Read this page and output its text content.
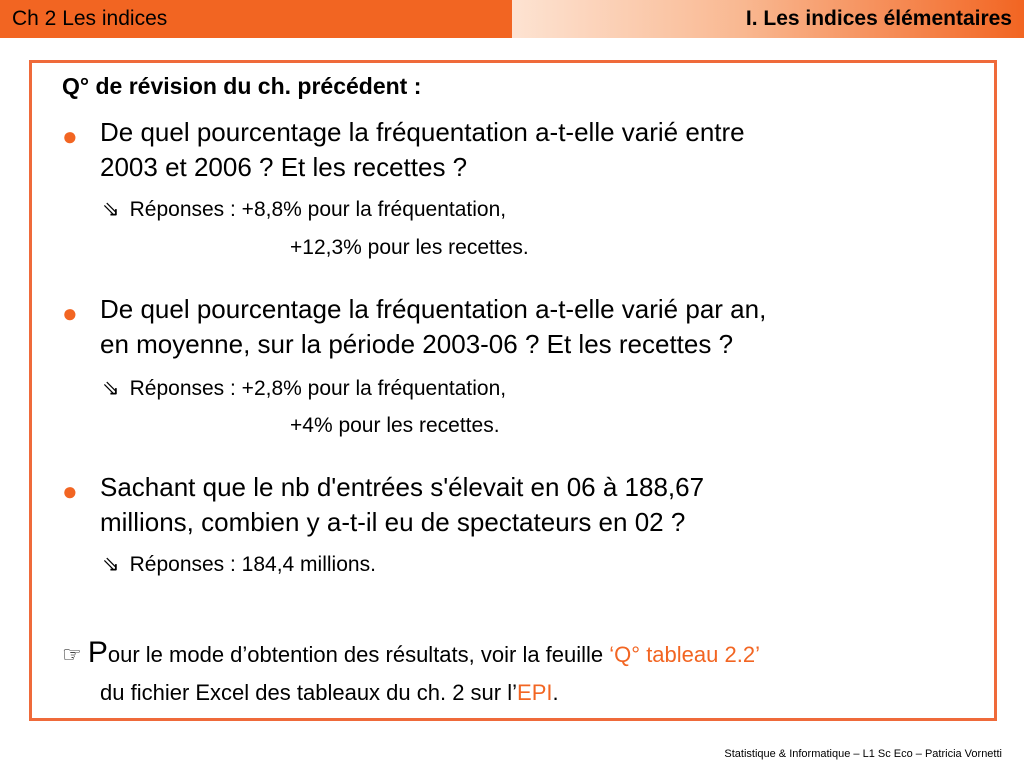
Ch 2 Les indices	I. Les indices élémentaires
Q° de révision du ch. précédent :
● De quel pourcentage la fréquentation a-t-elle varié entre
2003 et 2006 ? Et les recettes ?
⇘ Réponses : +8,8% pour la fréquentation,
+12,3% pour les recettes.
● De quel pourcentage la fréquentation a-t-elle varié par an,
en moyenne, sur la période 2003-06 ? Et les recettes ?
⇘ Réponses : +2,8% pour la fréquentation,
+4% pour les recettes.
● Sachant que le nb d'entrées s'élevait en 06 à 188,67
millions, combien y a-t-il eu de spectateurs en 02 ?
⇘ Réponses : 184,4 millions.
☞ Pour le mode d’obtention des résultats, voir la feuille ‘Q° tableau 2.2’
du fichier Excel des tableaux du ch. 2 sur l’EPI.
Statistique & Informatique – L1 Sc Eco – Patricia Vornetti
